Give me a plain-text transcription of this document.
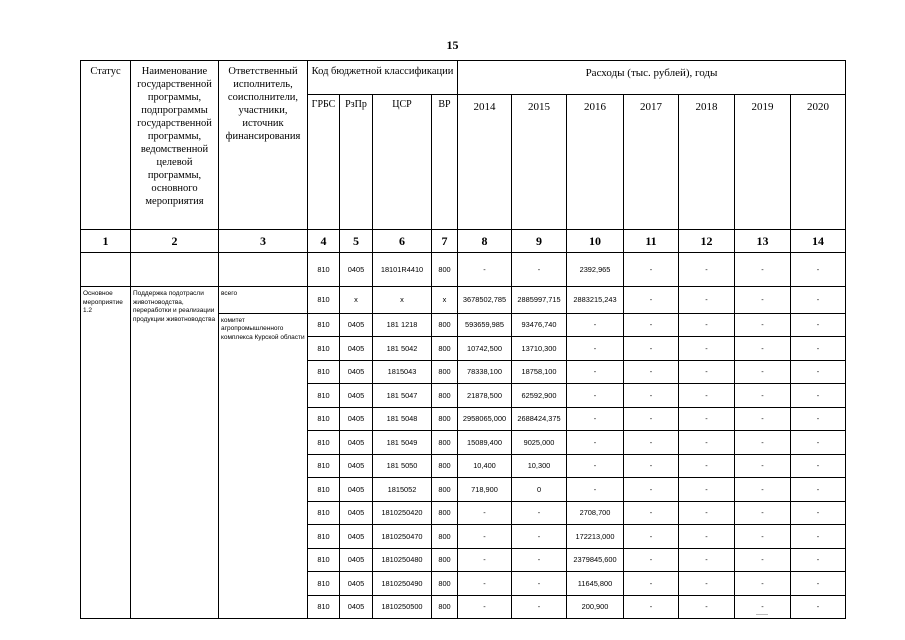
15
Статус	Наименование государственной программы, подпрограммы государственной программы, ведомственной целевой программы, основного мероприятия	Ответственный исполнитель, соисполнители, участники, источник финансирования	Код бюджетной классификации				Расходы (тыс. рублей), годы						
			ГРБС	РзПр	ЦСР	ВР	2014	2015	2016	2017	2018	2019	2020
1	2	3	4	5	6	7	8	9	10	11	12	13	14
			810	0405	18101R4410	800	-	-	2392,965	-	-	-	-
Основное мероприятие 1.2	Поддержка подотрасли животноводства, переработки и реализации продукции животноводства	всего	810	x	x	x	3678502,785	2885997,715	2883215,243	-	-	-	-
		комитет агропромышленного комплекса Курской области	810	0405	181 1218	800	593659,985	93476,740	-	-	-	-	-
			810	0405	181 5042	800	10742,500	13710,300	-	-	-	-	-
			810	0405	1815043	800	78338,100	18758,100	-	-	-	-	-
			810	0405	181 5047	800	21878,500	62592,900	-	-	-	-	-
			810	0405	181 5048	800	2958065,000	2688424,375	-	-	-	-	-
			810	0405	181 5049	800	15089,400	9025,000	-	-	-	-	-
			810	0405	181 5050	800	10,400	10,300	-	-	-	-	-
			810	0405	1815052	800	718,900	0	-	-	-	-	-
			810	0405	1810250420	800	-	-	2708,700	-	-	-	-
			810	0405	1810250470	800	-	-	172213,000	-	-	-	-
			810	0405	1810250480	800	-	-	2379845,600	-	-	-	-
			810	0405	1810250490	800	-	-	11645,800	-	-	-	-
			810	0405	1810250500	800	-	-	200,900	-	-	-	-
